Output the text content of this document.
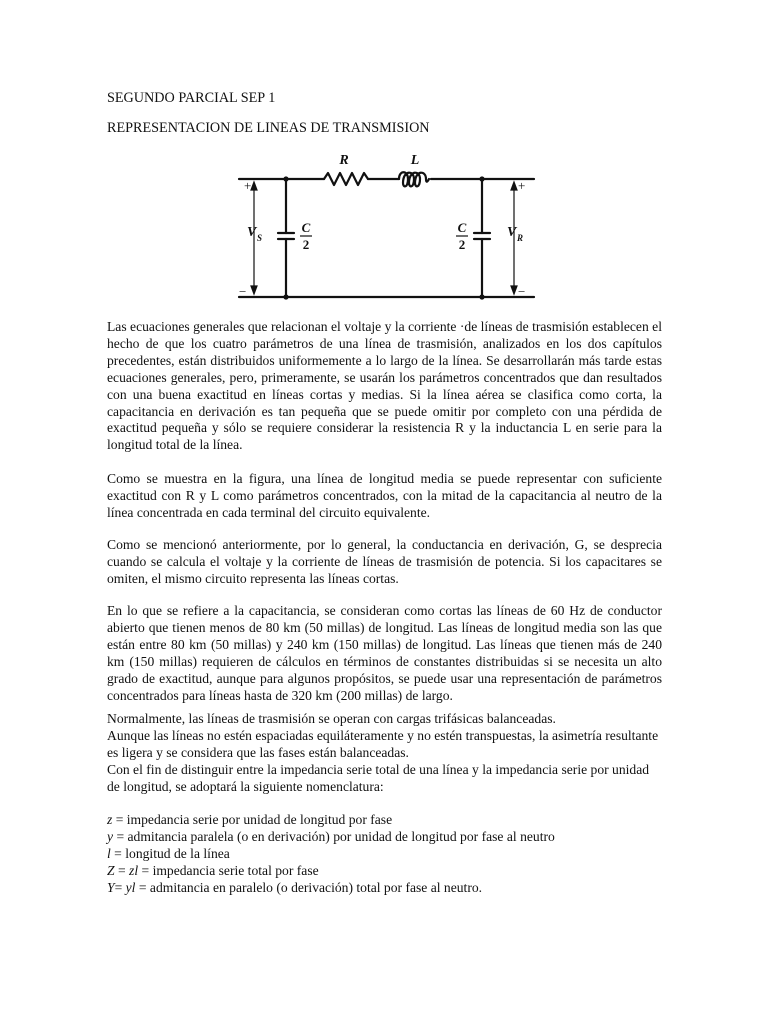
SEGUNDO PARCIAL SEP 1
REPRESENTACION DE LINEAS DE TRANSMISION
R	L
C
2
C
2
+
−
+
−
V S	V R

Las ecuaciones generales que relacionan el voltaje y la corriente ·de líneas de trasmisión establecen el hecho de que los cuatro parámetros de una línea de trasmisión, analizados en los dos capítulos precedentes, están distribuidos uniformemente a lo largo de la línea. Se desarrollarán más tarde estas ecuaciones generales, pero, primeramente, se usarán los parámetros concentrados que dan resultados con una buena exactitud en líneas cortas y medias. Si la línea aérea se clasifica como corta, la capacitancia en derivación es tan pequeña que se puede omitir por completo con una pérdida de exactitud pequeña y sólo se requiere considerar la resistencia R y la inductancia L en serie para la longitud total de la línea.

Como se muestra en la figura, una línea de longitud media se puede representar con suficiente exactitud con R y L como parámetros concentrados, con la mitad de la capacitancia al neutro de la línea concentrada en cada terminal del circuito equivalente.

Como se mencionó anteriormente, por lo general, la conductancia en derivación, G, se desprecia cuando se calcula el voltaje y la corriente de líneas de trasmisión de potencia. Si los capacitares se omiten, el mismo circuito representa las líneas cortas.

En lo que se refiere a la capacitancia, se consideran como cortas las líneas de 60 Hz de conductor abierto que tienen menos de 80 km (50 millas) de longitud. Las líneas de longitud media son las que están entre 80 km (50 millas) y 240 km (150 millas) de longitud. Las líneas que tienen más de 240 km (150 millas) requieren de cálculos en términos de constantes distribuidas si se necesita un alto grado de exactitud, aunque para algunos propósitos, se puede usar una representación de parámetros concentrados para líneas hasta de 320 km (200 millas) de largo.

Normalmente, las líneas de trasmisión se operan con cargas trifásicas balanceadas.
Aunque las líneas no estén espaciadas equiláteramente y no estén transpuestas, la asimetría resultante es ligera y se considera que las fases están balanceadas.
Con el fin de distinguir entre la impedancia serie total de una línea y la impedancia serie por unidad de longitud, se adoptará la siguiente nomenclatura:
z = impedancia serie por unidad de longitud por fase
y = admitancia paralela (o en derivación) por unidad de longitud por fase al neutro
l = longitud de la línea
Z = zl = impedancia serie total por fase
Y= yl = admitancia en paralelo (o derivación) total por fase al neutro.
